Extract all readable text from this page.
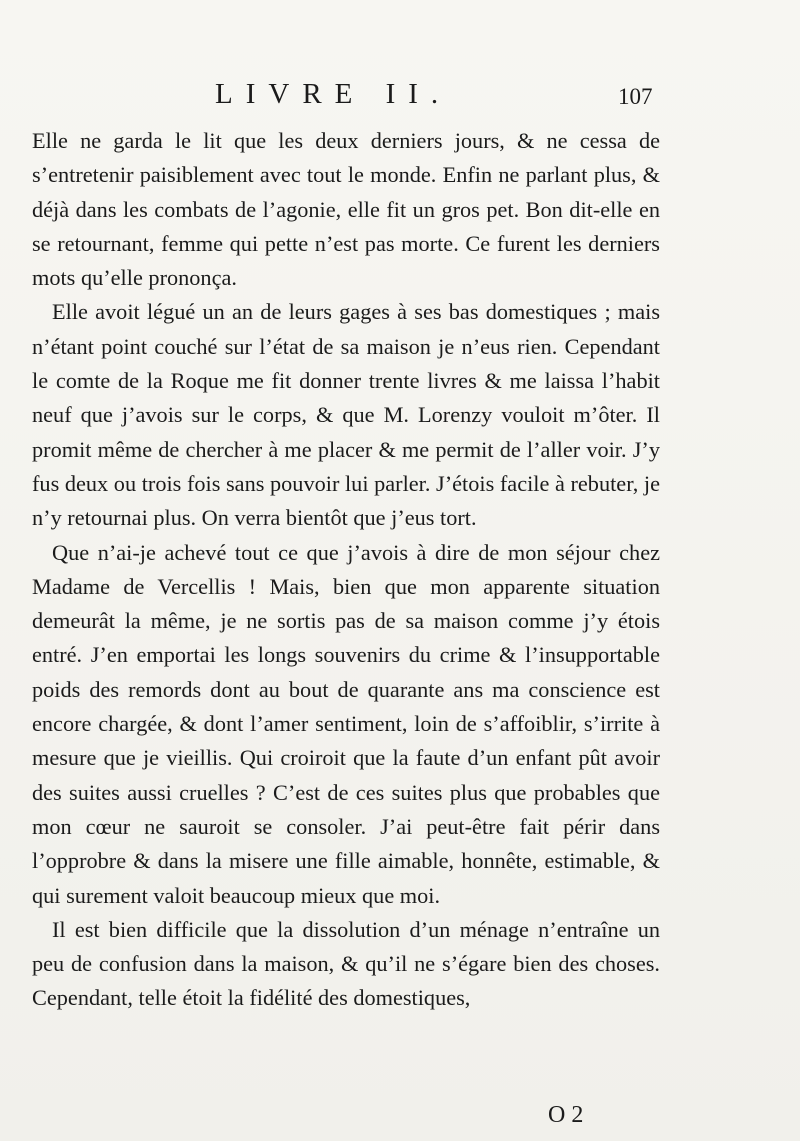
LIVRE II.	107

Elle ne garda le lit que les deux derniers jours, & ne cessa de s’entretenir paisiblement avec tout le monde. Enfin ne parlant plus, & déjà dans les combats de l’agonie, elle fit un gros pet. Bon dit-elle en se retournant, femme qui pette n’est pas morte. Ce furent les derniers mots qu’elle prononça.

Elle avoit légué un an de leurs gages à ses bas domestiques ; mais n’étant point couché sur l’état de sa maison je n’eus rien. Cependant le comte de la Roque me fit donner trente livres & me laissa l’habit neuf que j’avois sur le corps, & que M. Lorenzy vouloit m’ôter. Il promit même de chercher à me placer & me permit de l’aller voir. J’y fus deux ou trois fois sans pouvoir lui parler. J’étois facile à rebuter, je n’y retournai plus. On verra bientôt que j’eus tort.

Que n’ai-je achevé tout ce que j’avois à dire de mon séjour chez Madame de Vercellis ! Mais, bien que mon apparente situation demeurât la même, je ne sortis pas de sa maison comme j’y étois entré. J’en emportai les longs souvenirs du crime & l’insupportable poids des remords dont au bout de quarante ans ma conscience est encore chargée, & dont l’amer sentiment, loin de s’affoiblir, s’irrite à mesure que je vieillis. Qui croiroit que la faute d’un enfant pût avoir des suites aussi cruelles ? C’est de ces suites plus que probables que mon cœur ne sauroit se consoler. J’ai peut-être fait périr dans l’opprobre & dans la misere une fille aimable, honnête, estimable, & qui surement valoit beaucoup mieux que moi.

Il est bien difficile que la dissolution d’un ménage n’entraîne un peu de confusion dans la maison, & qu’il ne s’égare bien des choses. Cependant, telle étoit la fidélité des domestiques,

O 2
